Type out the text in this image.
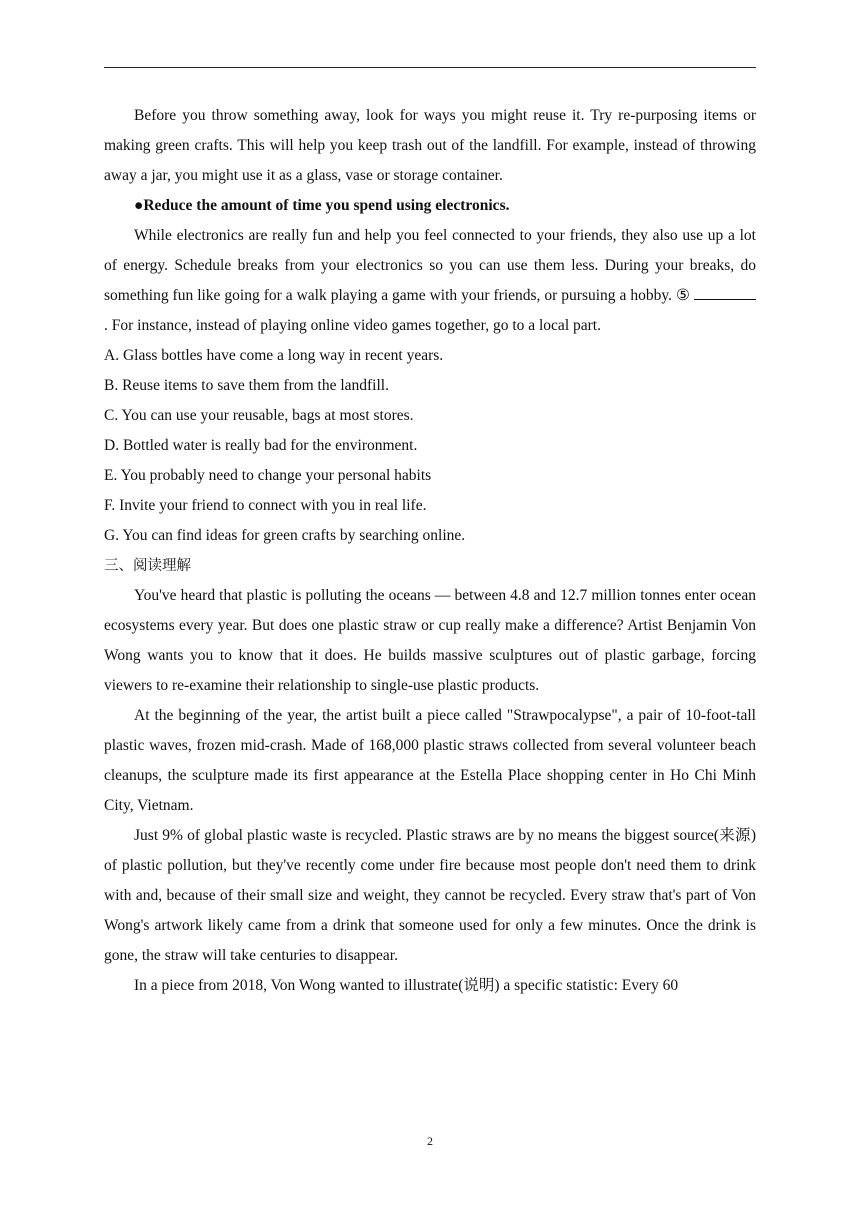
Before you throw something away, look for ways you might reuse it. Try re-purposing items or making green crafts. This will help you keep trash out of the landfill. For example, instead of throwing away a jar, you might use it as a glass, vase or storage container.

●Reduce the amount of time you spend using electronics.

While electronics are really fun and help you feel connected to your friends, they also use up a lot of energy. Schedule breaks from your electronics so you can use them less. During your breaks, do something fun like going for a walk playing a game with your friends, or pursuing a hobby. ⑤. For instance, instead of playing online video games together, go to a local part.

A. Glass bottles have come a long way in recent years.

B. Reuse items to save them from the landfill.

C. You can use your reusable, bags at most stores.

D. Bottled water is really bad for the environment.

E. You probably need to change your personal habits

F. Invite your friend to connect with you in real life.

G. You can find ideas for green crafts by searching online.

三、阅读理解

You've heard that plastic is polluting the oceans — between 4.8 and 12.7 million tonnes enter ocean ecosystems every year. But does one plastic straw or cup really make a difference? Artist Benjamin Von Wong wants you to know that it does. He builds massive sculptures out of plastic garbage, forcing viewers to re-examine their relationship to single-use plastic products.

At the beginning of the year, the artist built a piece called "Strawpocalypse", a pair of 10-foot-tall plastic waves, frozen mid-crash. Made of 168,000 plastic straws collected from several volunteer beach cleanups, the sculpture made its first appearance at the Estella Place shopping center in Ho Chi Minh City, Vietnam.

Just 9% of global plastic waste is recycled. Plastic straws are by no means the biggest source(来源) of plastic pollution, but they've recently come under fire because most people don't need them to drink with and, because of their small size and weight, they cannot be recycled. Every straw that's part of Von Wong's artwork likely came from a drink that someone used for only a few minutes. Once the drink is gone, the straw will take centuries to disappear.

In a piece from 2018, Von Wong wanted to illustrate(说明) a specific statistic: Every 60

2
